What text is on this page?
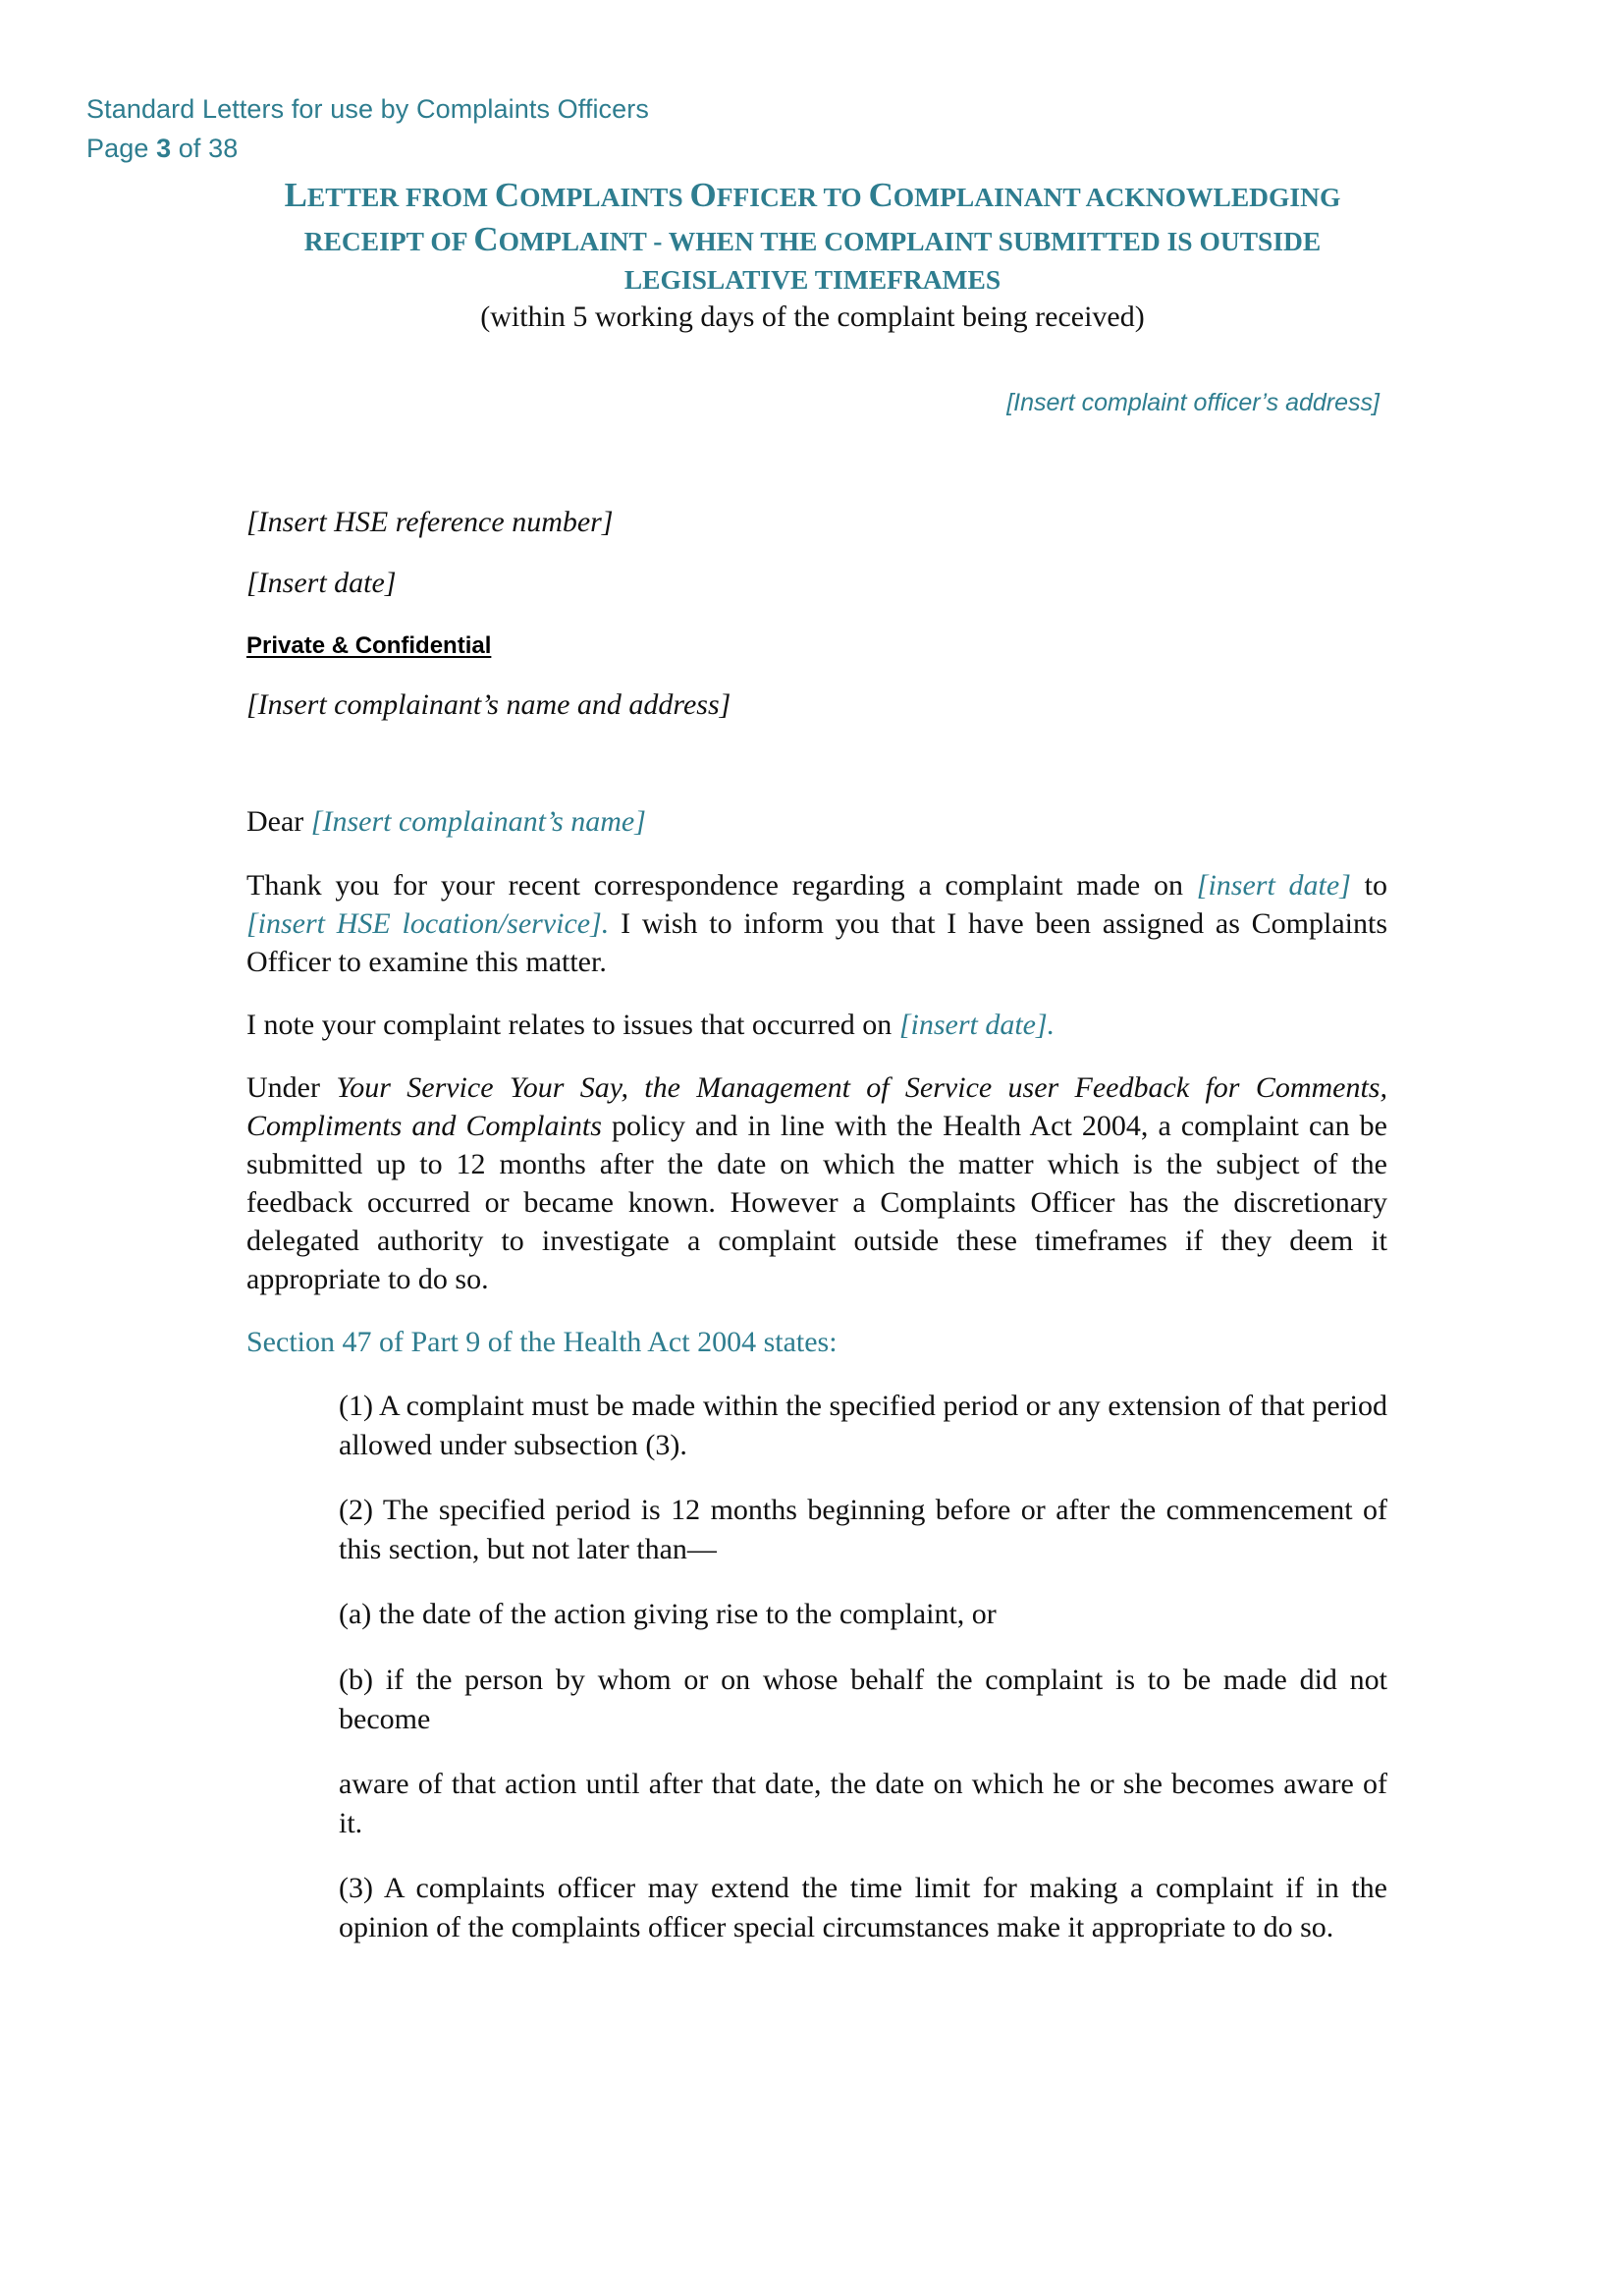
Standard Letters for use by Complaints Officers
Page 3 of 38
LETTER FROM COMPLAINTS OFFICER TO COMPLAINANT ACKNOWLEDGING
RECEIPT OF COMPLAINT - WHEN THE COMPLAINT SUBMITTED IS OUTSIDE
LEGISLATIVE TIMEFRAMES
(within 5 working days of the complaint being received)
[Insert complaint officer’s address]

[Insert HSE reference number]

[Insert date]

Private & Confidential

[Insert complainant’s name and address]

Dear [Insert complainant’s name]

Thank you for your recent correspondence regarding a complaint made on [insert date] to [insert HSE location/service]. I wish to inform you that I have been assigned as Complaints Officer to examine this matter.

I note your complaint relates to issues that occurred on [insert date].

Under Your Service Your Say, the Management of Service user Feedback for Comments, Compliments and Complaints policy and in line with the Health Act 2004, a complaint can be submitted up to 12 months after the date on which the matter which is the subject of the feedback occurred or became known. However a Complaints Officer has the discretionary delegated authority to investigate a complaint outside these timeframes if they deem it appropriate to do so.

Section 47 of Part 9 of the Health Act 2004 states:

(1) A complaint must be made within the specified period or any extension of that period allowed under subsection (3).

(2) The specified period is 12 months beginning before or after the commencement of this section, but not later than—

(a) the date of the action giving rise to the complaint, or

(b) if the person by whom or on whose behalf the complaint is to be made did not become

aware of that action until after that date, the date on which he or she becomes aware of it.

(3) A complaints officer may extend the time limit for making a complaint if in the opinion of the complaints officer special circumstances make it appropriate to do so.
